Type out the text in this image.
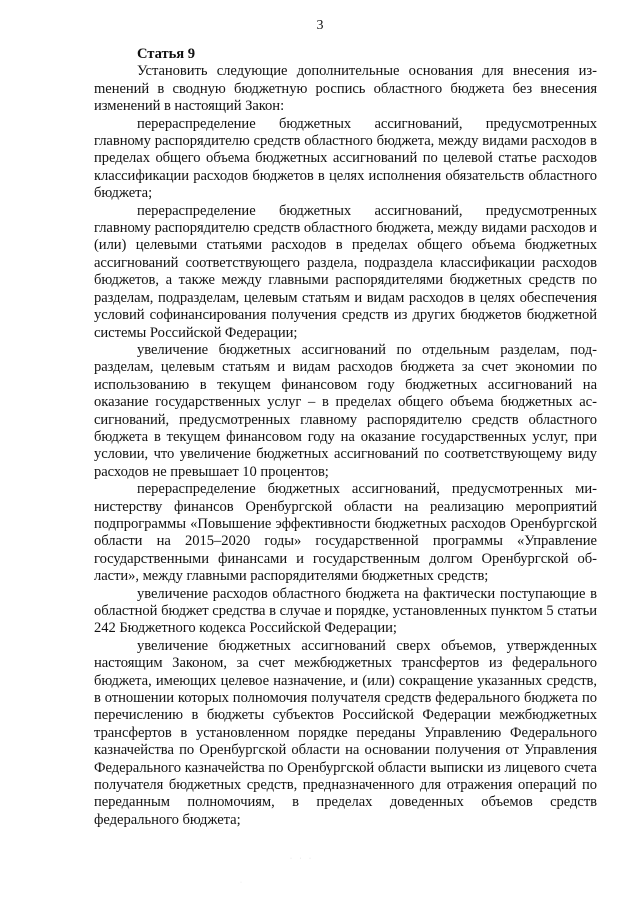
3

Статья 9

Установить следующие дополнительные основания для внесения изmенений в сводную бюджетную роспись областного бюджета без внесения изменений в настоящий Закон:

перераспределение бюджетных ассигнований, предусмотренных главному распорядителю средств областного бюджета, между видами расходов в пределах общего объема бюджетных ассигнований по целевой статье расходов классификации расходов бюджетов в целях исполнения обязательств областного бюджета;

перераспределение бюджетных ассигнований, предусмотренных главному распорядителю средств областного бюджета, между видами расходов и (или) целевыми статьями расходов в пределах общего объема бюджетных ассигнований соответствующего раздела, подраздела классификации расходов бюджетов, а также между главными распорядителями бюджетных средств по разделам, подразделам, целевым статьям и видам расходов в целях обеспечения условий софинансирования получения средств из других бюджетов бюджетной системы Российской Федерации;

увеличение бюджетных ассигнований по отдельным разделам, подразделам, целевым статьям и видам расходов бюджета за счет экономии по использованию в текущем финансовом году бюджетных ассигнований на оказание государственных услуг – в пределах общего объема бюджетных ассигнований, предусмотренных главному распорядителю средств областного бюджета в текущем финансовом году на оказание государственных услуг, при условии, что увеличение бюджетных ассигнований по соответствующему виду расходов не превышает 10 процентов;

перераспределение бюджетных ассигнований, предусмотренных министерству финансов Оренбургской области на реализацию мероприятий подпрограммы «Повышение эффективности бюджетных расходов Оренбургской области на 2015–2020 годы» государственной программы «Управление государственными финансами и государственным долгом Оренбургской области», между главными распорядителями бюджетных средств;

увеличение расходов областного бюджета на фактически поступающие в областной бюджет средства в случае и порядке, установленных пунктом 5 статьи 242 Бюджетного кодекса Российской Федерации;

увеличение бюджетных ассигнований сверх объемов, утвержденных настоящим Законом, за счет межбюджетных трансфертов из федерального бюджета, имеющих целевое назначение, и (или) сокращение указанных средств, в отношении которых полномочия получателя средств федерального бюджета по перечислению в бюджеты субъектов Российской Федерации межбюджетных трансфертов в установленном порядке переданы Управлению Федерального казначейства по Оренбургской области на основании получения от Управления Федерального казначейства по Оренбургской области выписки из лицевого счета получателя бюджетных средств, предназначенного для отражения операций по переданным полномочиям, в пределах доведенных объемов средств федерального бюджета;

· · ·
·
